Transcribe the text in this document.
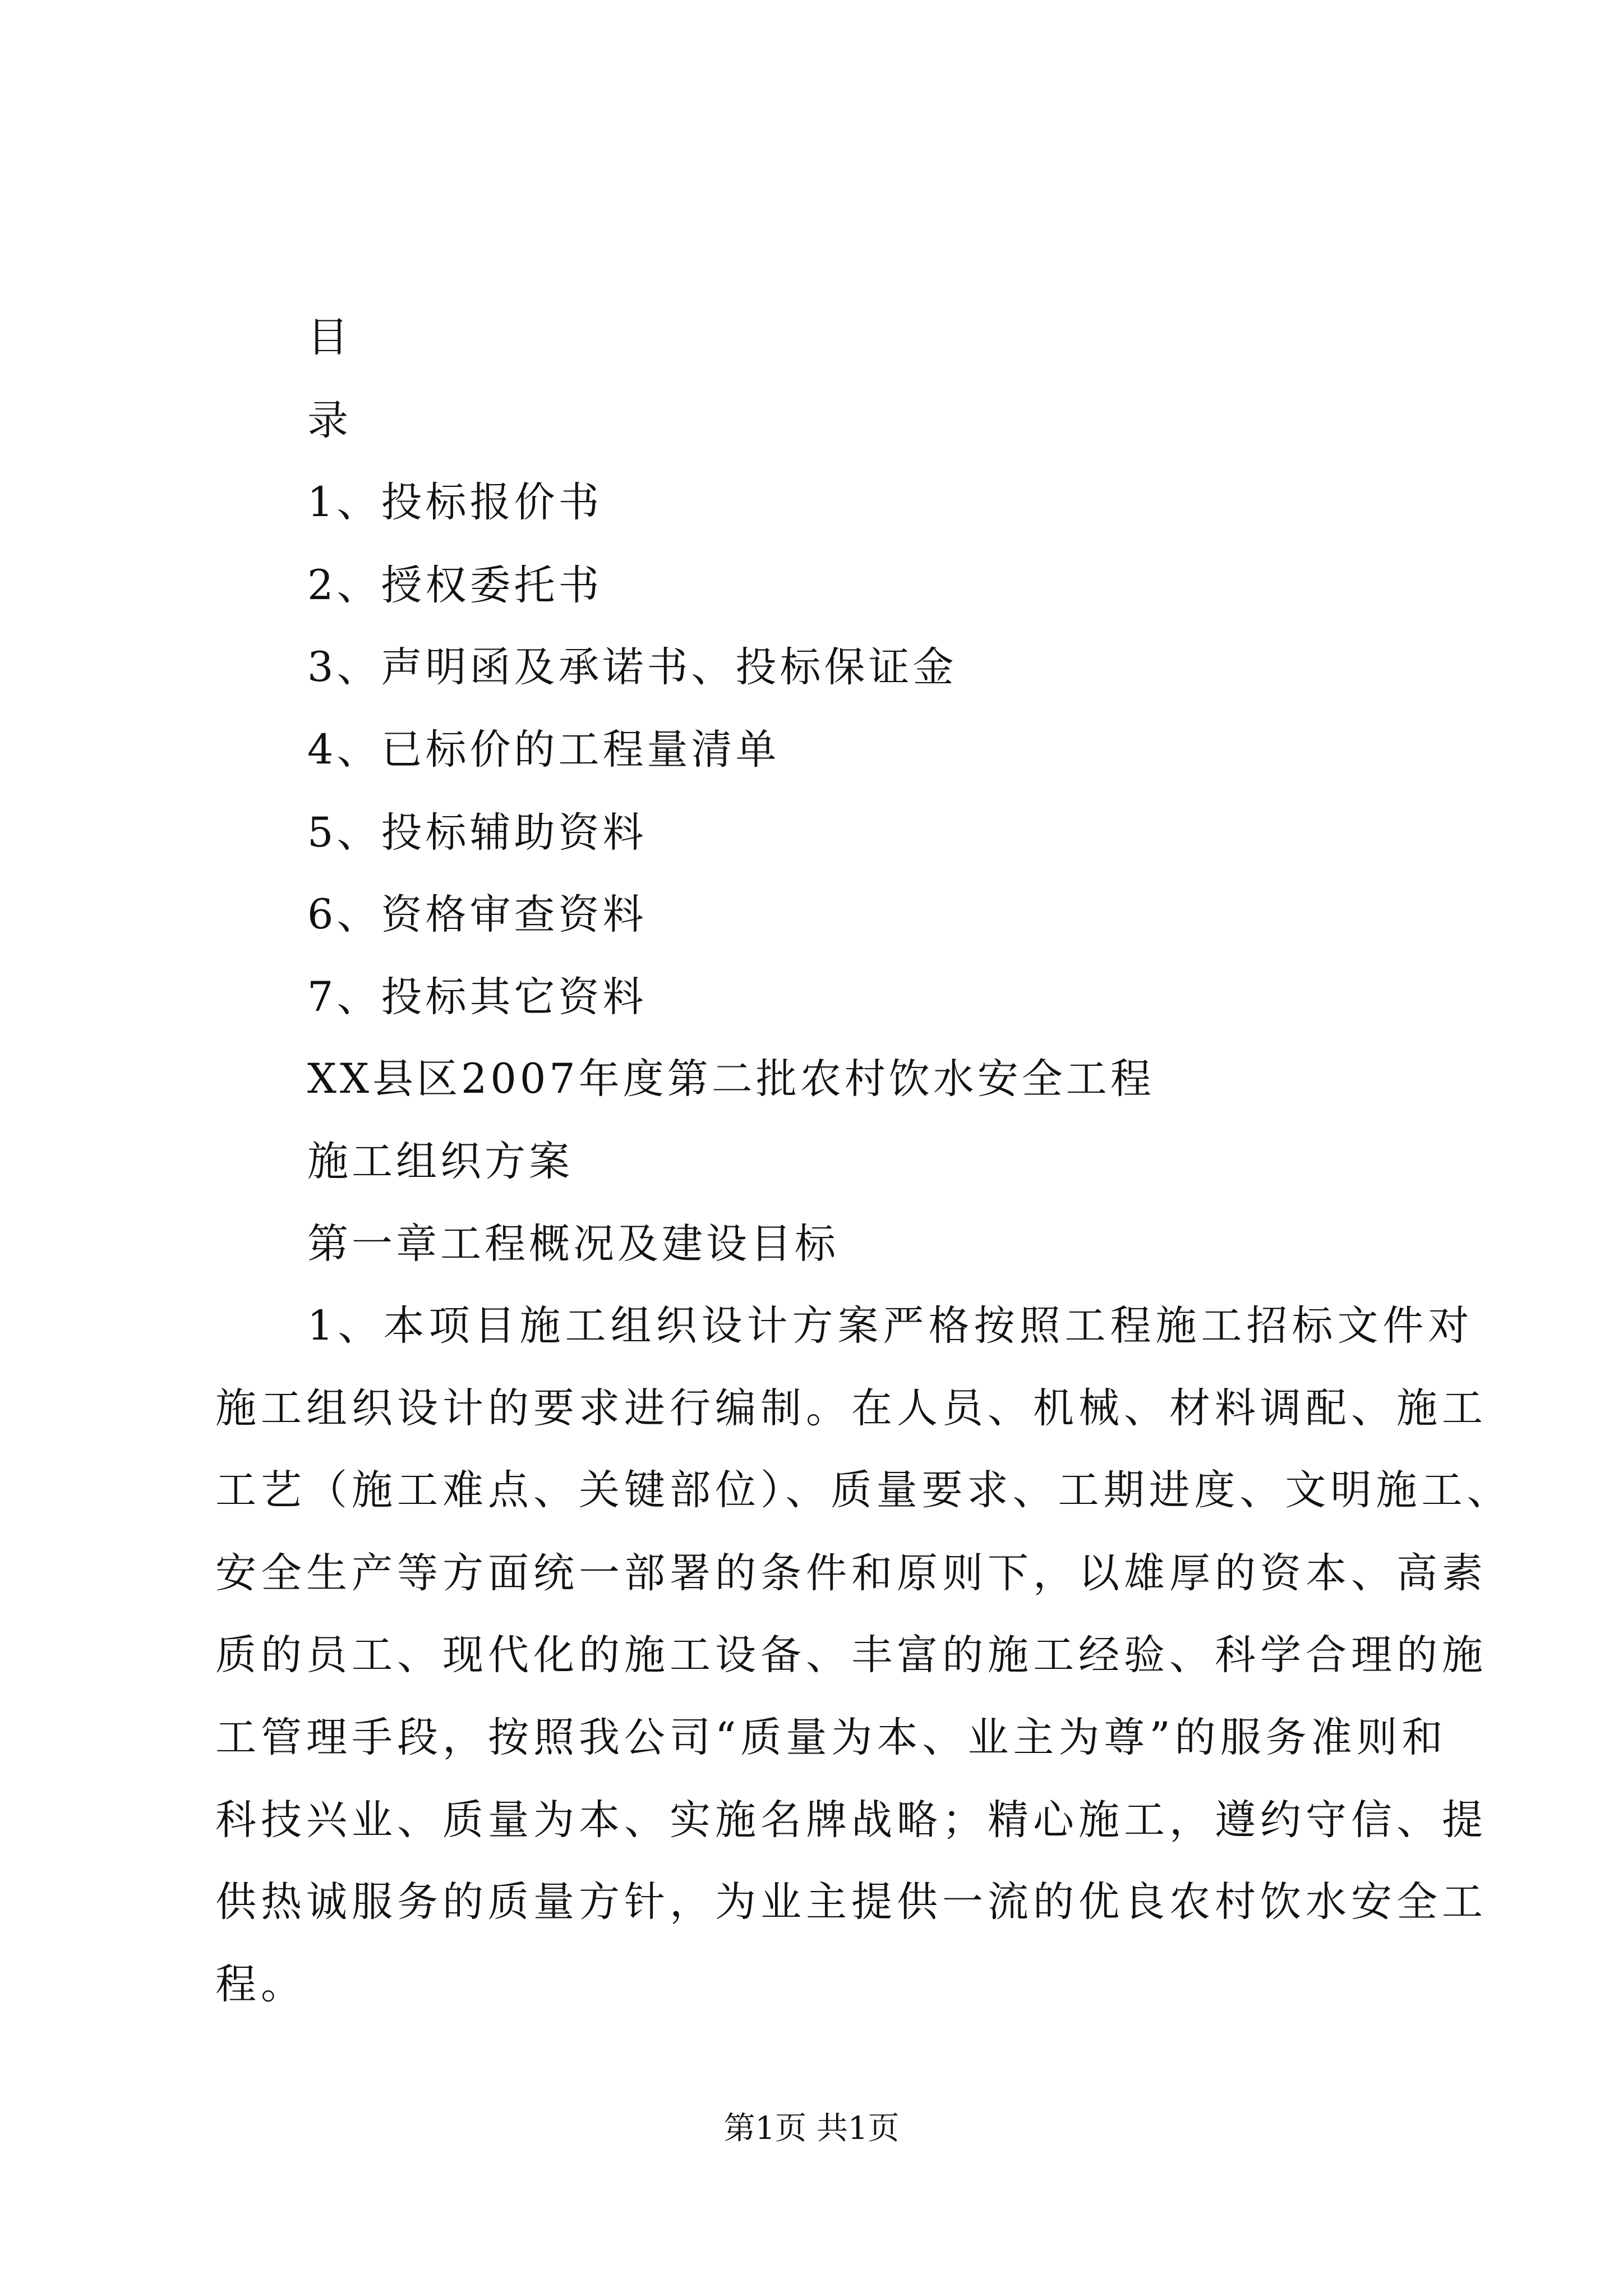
目
录
1、投标报价书
2、授权委托书
3、声明函及承诺书、投标保证金
4、已标价的工程量清单
5、投标辅助资料
6、资格审查资料
7、投标其它资料
XX县区2007年度第二批农村饮水安全工程
施工组织方案
第一章工程概况及建设目标
1、本项目施工组织设计方案严格按照工程施工招标文件对
施工组织设计的要求进行编制。在人员、机械、材料调配、施工
工艺（施工难点、关键部位）、质量要求、工期进度、文明施工、
安全生产等方面统一部署的条件和原则下，以雄厚的资本、高素
质的员工、现代化的施工设备、丰富的施工经验、科学合理的施
工管理手段，按照我公司“质量为本、业主为尊”的服务准则和
科技兴业、质量为本、实施名牌战略；精心施工，遵约守信、提
供热诚服务的质量方针，为业主提供一流的优良农村饮水安全工
程。
第1页 共1页
